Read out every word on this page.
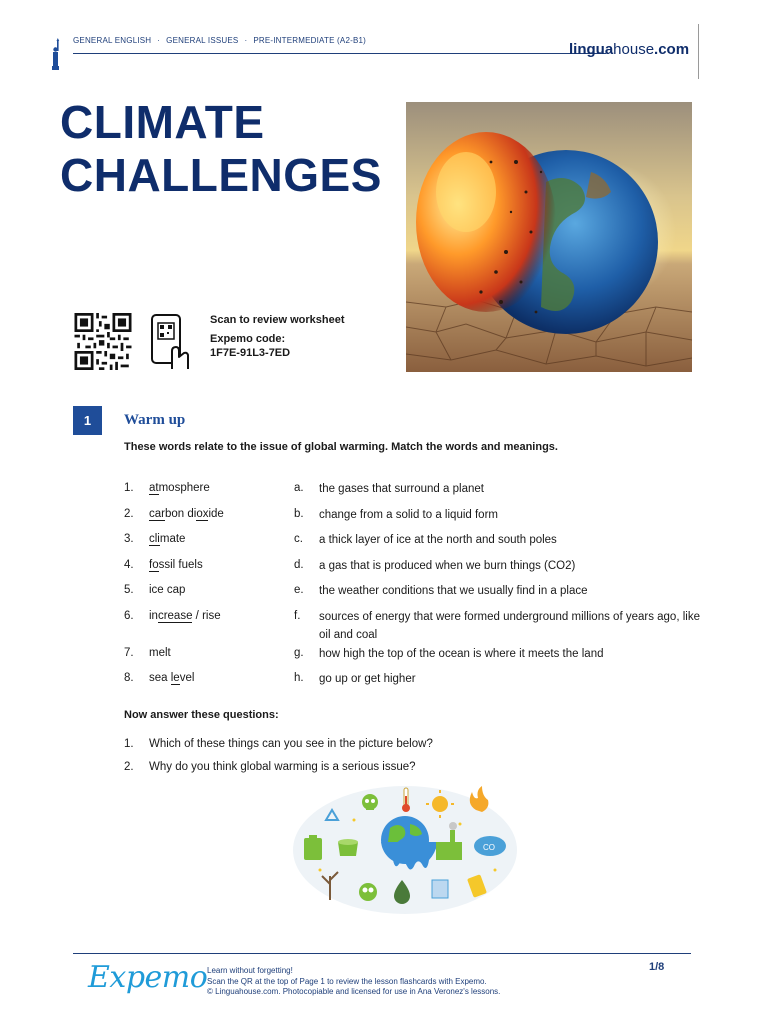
GENERAL ENGLISH · GENERAL ISSUES · PRE-INTERMEDIATE (A2-B1)
linguahouse.com
CLIMATE
CHALLENGES
Scan to review worksheet
Expemo code:
1F7E-91L3-7ED
1	Warm up
These words relate to the issue of global warming. Match the words and meanings.
1. atmosphere	a. the gases that surround a planet
2. carbon dioxide	b. change from a solid to a liquid form
3. climate	c. a thick layer of ice at the north and south poles
4. fossil fuels	d. a gas that is produced when we burn things (CO2)
5. ice cap	e. the weather conditions that we usually find in a place
6. increase / rise	f. sources of energy that were formed underground millions of years ago, like oil and coal
7. melt	g. how high the top of the ocean is where it meets the land
8. sea level	h. go up or get higher
Now answer these questions:
1. Which of these things can you see in the picture below?
2. Why do you think global warming is a serious issue?
CO
Expemo Learn without forgetting!
Scan the QR at the top of Page 1 to review the lesson flashcards with Expemo.
© Linguahouse.com. Photocopiable and licensed for use in Ana Veronez's lessons.
1/8
